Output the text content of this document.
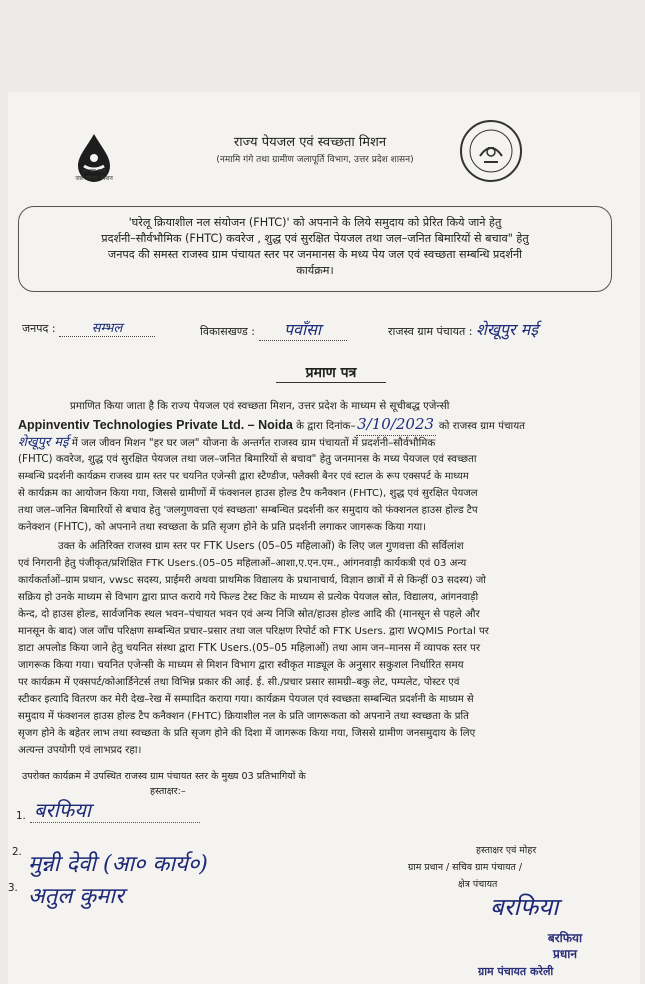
हर घर जल
जल जीवन मिशन
राज्य पेयजल एवं स्वच्छता मिशन
(नमामि गंगे तथा ग्रामीण जलापूर्ति विभाग, उत्तर प्रदेश शासन)
'घरेलू क्रियाशील नल संयोजन (FHTC)' को अपनाने के लिये समुदाय को प्रेरित किये जाने हेतु
प्रदर्शनी–सौर्वभौमिक (FHTC) कवरेज , शुद्ध एवं सुरक्षित पेयजल तथा जल–जनित बिमारियों से बचाव" हेतु
जनपद की समस्त राजस्व ग्राम पंचायत स्तर पर जनमानस के मध्य पेय जल एवं स्वच्छता सम्बन्धि प्रदर्शनी
कार्यक्रम।
जनपद :	सम्भल	विकासखण्ड : पवाँसा	राजस्व ग्राम पंचायत : शेखूपुर मई
प्रमाण पत्र
प्रमाणित किया जाता है कि राज्य पेयजल एवं स्वच्छता मिशन, उत्तर प्रदेश के माध्यम से सूचीबद्ध एजेन्सी
Appinventiv Technologies Private Ltd. – Noida के द्वारा दिनांक– 3/10/2023 को राजस्व ग्राम पंचायत
शेखूपुर मई में जल जीवन मिशन "हर घर जल" योजना के अन्तर्गत राजस्व ग्राम पंचायतों में प्रदर्शनी–सौर्वभौमिक
(FHTC) कवरेज, शुद्ध एवं सुरक्षित पेयजल तथा जल–जनित बिमारियों से बचाव" हेतु जनमानस के मध्य पेयजल एवं स्वच्छता
सम्बन्धि प्रदर्शनी कार्यक्रम राजस्व ग्राम स्तर पर चयनित एजेन्सी द्वारा स्टैण्डीज, फ्लैक्सी बैनर एवं स्टाल के रूप एक्सपर्ट के माध्यम
से कार्यक्रम का आयोजन किया गया, जिससे ग्रामीणों में फंक्शनल हाउस होल्ड टैप कनैक्शन (FHTC), शुद्ध एवं सुरक्षित पेयजल
तथा जल–जनित बिमारियों से बचाव हेतु 'जलगुणवत्ता एवं स्वच्छता' सम्बन्धित प्रदर्शनी कर समुदाय को फंक्शनल हाउस होल्ड टैप
कनेक्शन (FHTC), को अपनाने तथा स्वच्छता के प्रति सृजग होने के प्रति प्रदर्शनी लगाकर जागरूक किया गया।
उक्त के अतिरिक्त राजस्व ग्राम स्तर पर FTK Users (05–05 महिलाओं) के लिए जल गुणवत्ता की सर्विलांश
एवं निगरानी हेतु पंजीकृत/प्रशिक्षित FTK Users.(05–05 महिलाओं–आशा,ए.एन.एम., आंगनवाड़ी कार्यकत्री एवं 03 अन्य
कार्यकर्ताओं–ग्राम प्रधान, vwsc सदस्य, प्राईमरी अथवा प्राथमिक विद्यालय के प्रधानाचार्य, विज्ञान छात्रों में से किन्हीं 03 सदस्य) जो
सक्रिय हो उनके माध्यम से विभाग द्वारा प्राप्त कराये गये फिल्ड टेस्ट किट के माध्यम से प्रत्येक पेयजल स्रोत, विद्यालय, आंगनवाड़ी
केन्द, दो हाउस होल्ड, सार्वजनिक स्थल भवन–पंचायत भवन एवं अन्य निजि स्रोत/हाउस होल्ड आदि की (मानसून से पहले और
मानसून के बाद) जल जाँच परिक्षण सम्बन्धित प्रचार–प्रसार तथा जल परिक्षण रिपोर्ट को FTK Users. द्वारा WQMIS Portal पर
डाटा अपलोड किया जाने हेतु चयनित संस्था द्वारा FTK Users.(05–05 महिलाओं) तथा आम जन–मानस में व्यापक स्तर पर
जागरूक किया गया। चयनित एजेन्सी के माध्यम से मिशन विभाग द्वारा स्वीकृत माड्यूल के अनुसार सकुशल निर्धारित समय
पर कार्यक्रम में एक्सपर्ट/कोआर्डिनेटर्स तथा विभिन्न प्रकार की आई. ई. सी./प्रचार प्रसार सामग्री–बकु लेट, पम्पलेट, पोस्टर एवं
स्टीकर इत्यादि वितरण कर मेरी देख–रेख में सम्पादित कराया गया। कार्यक्रम पेयजल एवं स्वच्छता सम्बन्धित प्रदर्शनी के माध्यम से
समुदाय में फंक्शनल हाउस होल्ड टैप कनैक्शन (FHTC) क्रियाशील नल के प्रति जागरूकता को अपनाने तथा स्वच्छता के प्रति
सृजग होने के बहेतर लाभ तथा स्वच्छता के प्रति सृजग होने की दिशा में जागरूक किया गया, जिससे ग्रामीण जनसमुदाय के लिए
अत्यन्त उपयोगी एवं लाभप्रद रहा।
उपरोक्त कार्यक्रम में उपस्थित राजस्व ग्राम पंचायत स्तर के मुख्य 03 प्रतिभागियों के
हस्ताक्षर:–
1. बरफिया
2. मुन्नी देवी (आ० कार्य०)
3. अतुल कुमार
हस्ताक्षर एवं मोहर
ग्राम प्रधान / सचिव ग्राम पंचायत /
क्षेत्र पंचायत
बरफिया
बरफिया
प्रधान
ग्राम पंचायत करेली
